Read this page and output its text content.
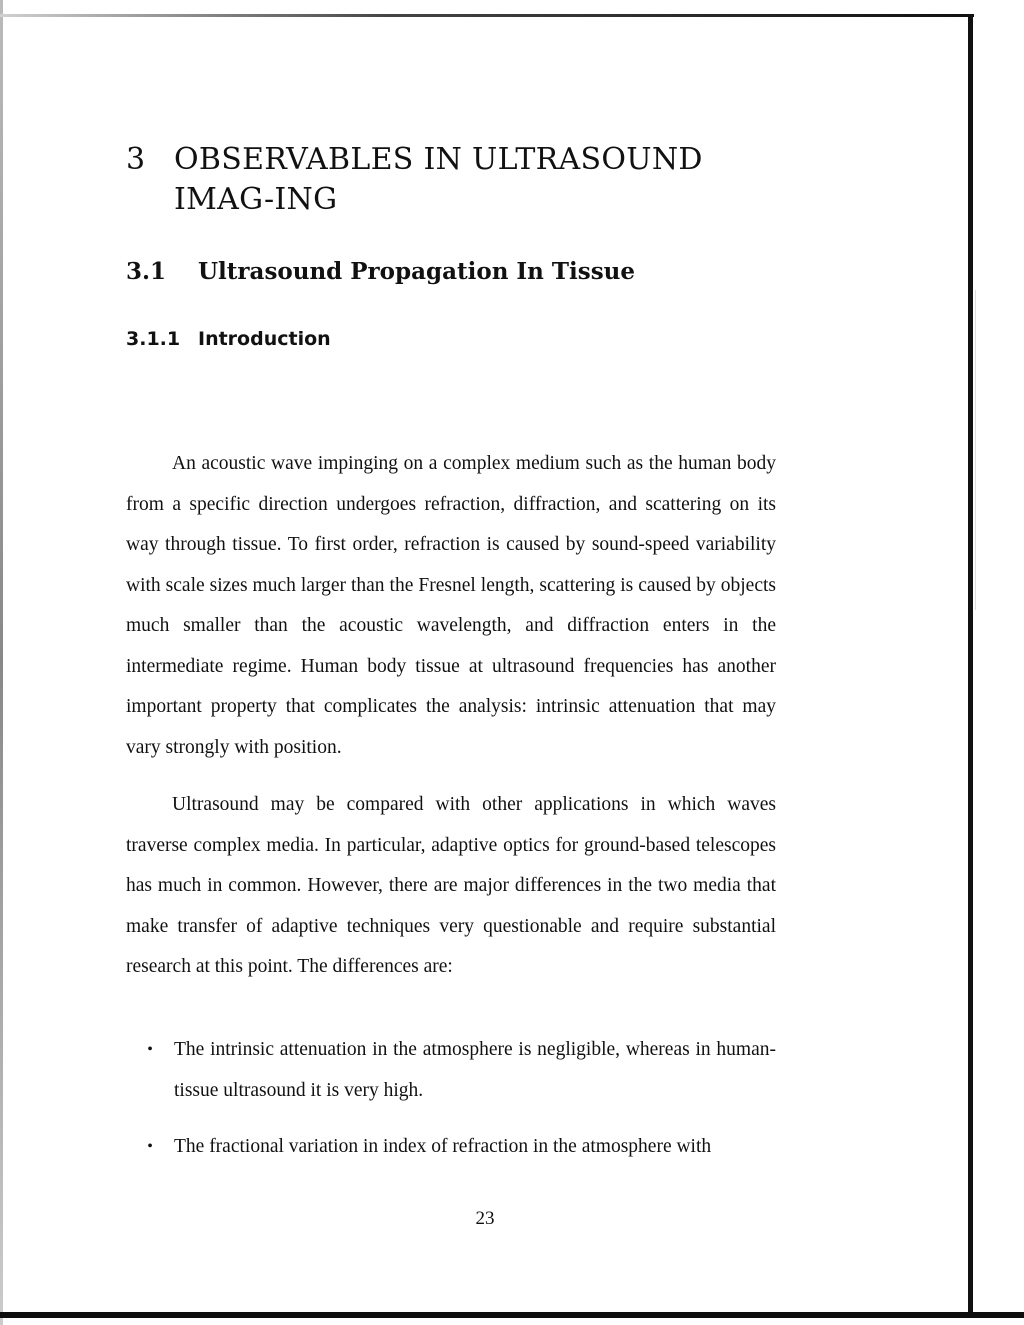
3 OBSERVABLES IN ULTRASOUND IMAG-ING
3.1	Ultrasound Propagation In Tissue
3.1.1 Introduction

An acoustic wave impinging on a complex medium such as the human body from a specific direction undergoes refraction, diffraction, and scattering on its way through tissue. To first order, refraction is caused by sound-speed variability with scale sizes much larger than the Fresnel length, scattering is caused by objects much smaller than the acoustic wavelength, and diffraction enters in the intermediate regime. Human body tissue at ultrasound frequencies has another important property that complicates the analysis: intrinsic attenuation that may vary strongly with position.

Ultrasound may be compared with other applications in which waves traverse complex media. In particular, adaptive optics for ground-based telescopes has much in common. However, there are major differences in the two media that make transfer of adaptive techniques very questionable and require substantial research at this point. The differences are:

•	The intrinsic attenuation in the atmosphere is negligible, whereas in human-tissue ultrasound it is very high.
•	The fractional variation in index of refraction in the atmosphere with
23
